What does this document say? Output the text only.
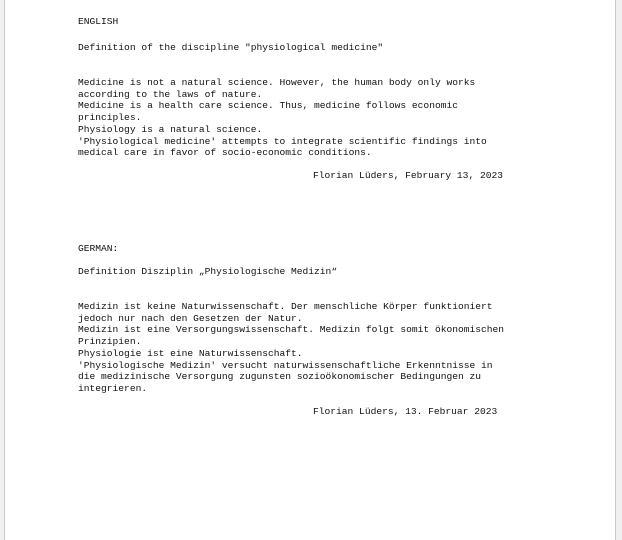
ENGLISH

Definition of the discipline "physiological medicine"

Medicine is not a natural science. However, the human body only works

according to the laws of nature.

Medicine is a health care science. Thus, medicine follows economic

principles.

Physiology is a natural science.

'Physiological medicine' attempts to integrate scientific findings into

medical care in favor of socio-economic conditions.

Florian Lüders, February 13, 2023

GERMAN:

Definition Disziplin „Physiologische Medizin“

Medizin ist keine Naturwissenschaft. Der menschliche Körper funktioniert

jedoch nur nach den Gesetzen der Natur.

Medizin ist eine Versorgungswissenschaft. Medizin folgt somit ökonomischen

Prinzipien.

Physiologie ist eine Naturwissenschaft.

'Physiologische Medizin' versucht naturwissenschaftliche Erkenntnisse in

die medizinische Versorgung zugunsten sozioökonomischer Bedingungen zu

integrieren.

Florian Lüders, 13. Februar 2023
